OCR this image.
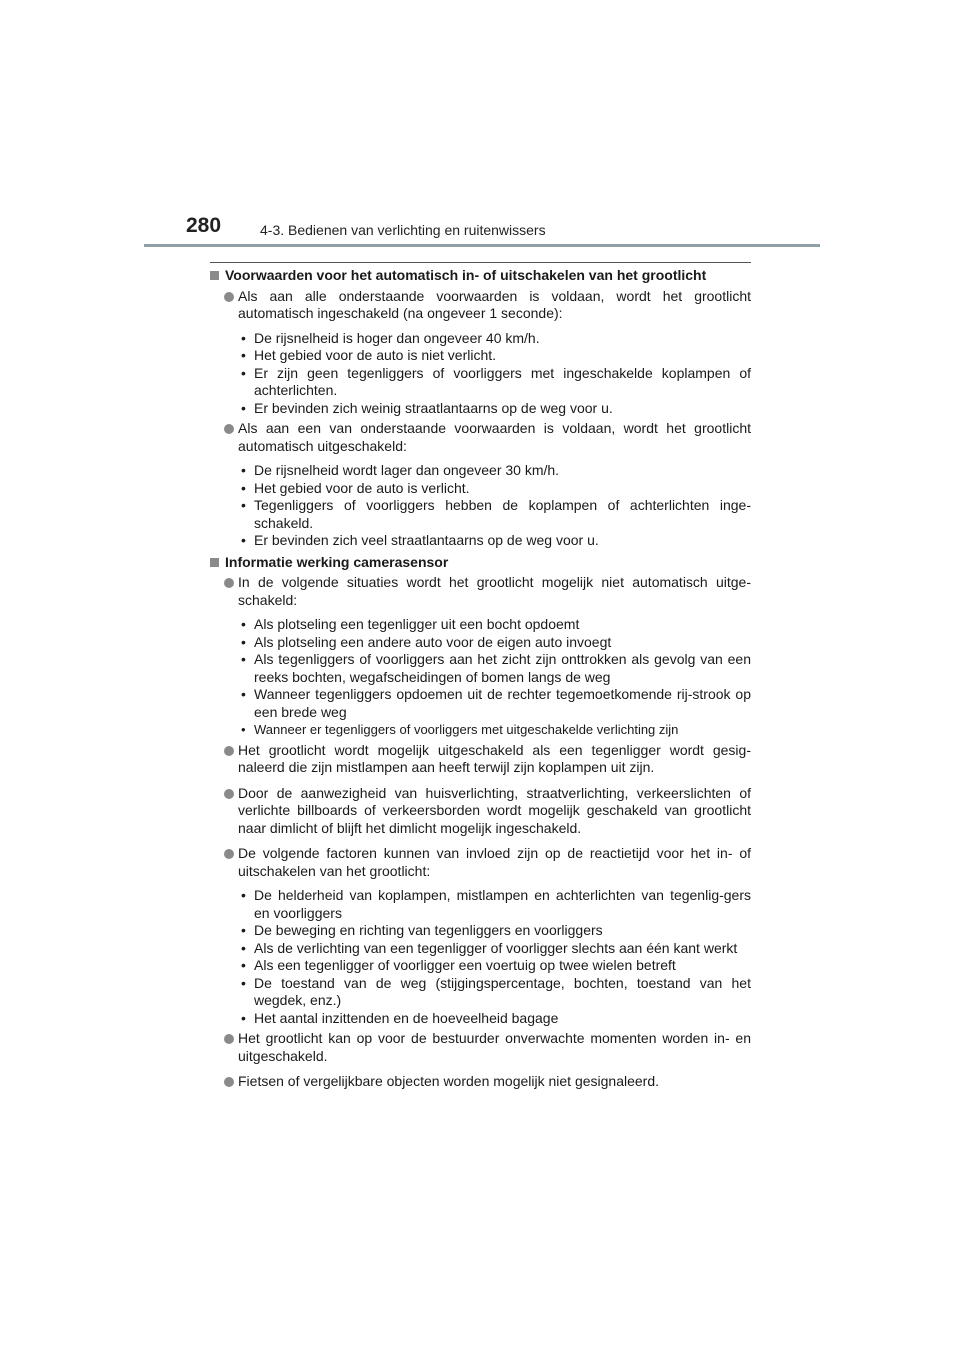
280	4-3. Bedienen van verlichting en ruitenwissers
Voorwaarden voor het automatisch in- of uitschakelen van het grootlicht
Als aan alle onderstaande voorwaarden is voldaan, wordt het grootlicht automatisch ingeschakeld (na ongeveer 1 seconde):
• De rijsnelheid is hoger dan ongeveer 40 km/h.
• Het gebied voor de auto is niet verlicht.
• Er zijn geen tegenliggers of voorliggers met ingeschakelde koplampen of achterlichten.
• Er bevinden zich weinig straatlantaarns op de weg voor u.
Als aan een van onderstaande voorwaarden is voldaan, wordt het grootlicht automatisch uitgeschakeld:
• De rijsnelheid wordt lager dan ongeveer 30 km/h.
• Het gebied voor de auto is verlicht.
• Tegenliggers of voorliggers hebben de koplampen of achterlichten inge-schakeld.
• Er bevinden zich veel straatlantaarns op de weg voor u.
Informatie werking camerasensor
In de volgende situaties wordt het grootlicht mogelijk niet automatisch uitge-schakeld:
• Als plotseling een tegenligger uit een bocht opdoemt
• Als plotseling een andere auto voor de eigen auto invoegt
• Als tegenliggers of voorliggers aan het zicht zijn onttrokken als gevolg van een reeks bochten, wegafscheidingen of bomen langs de weg
• Wanneer tegenliggers opdoemen uit de rechter tegemoetkomende rij-strook op een brede weg
• Wanneer er tegenliggers of voorliggers met uitgeschakelde verlichting zijn
Het grootlicht wordt mogelijk uitgeschakeld als een tegenligger wordt gesig-naleerd die zijn mistlampen aan heeft terwijl zijn koplampen uit zijn.
Door de aanwezigheid van huisverlichting, straatverlichting, verkeerslichten of verlichte billboards of verkeersborden wordt mogelijk geschakeld van grootlicht naar dimlicht of blijft het dimlicht mogelijk ingeschakeld.
De volgende factoren kunnen van invloed zijn op de reactietijd voor het in- of uitschakelen van het grootlicht:
• De helderheid van koplampen, mistlampen en achterlichten van tegenlig-gers en voorliggers
• De beweging en richting van tegenliggers en voorliggers
• Als de verlichting van een tegenligger of voorligger slechts aan één kant werkt
• Als een tegenligger of voorligger een voertuig op twee wielen betreft
• De toestand van de weg (stijgingspercentage, bochten, toestand van het wegdek, enz.)
• Het aantal inzittenden en de hoeveelheid bagage
Het grootlicht kan op voor de bestuurder onverwachte momenten worden in- en uitgeschakeld.
Fietsen of vergelijkbare objecten worden mogelijk niet gesignaleerd.
